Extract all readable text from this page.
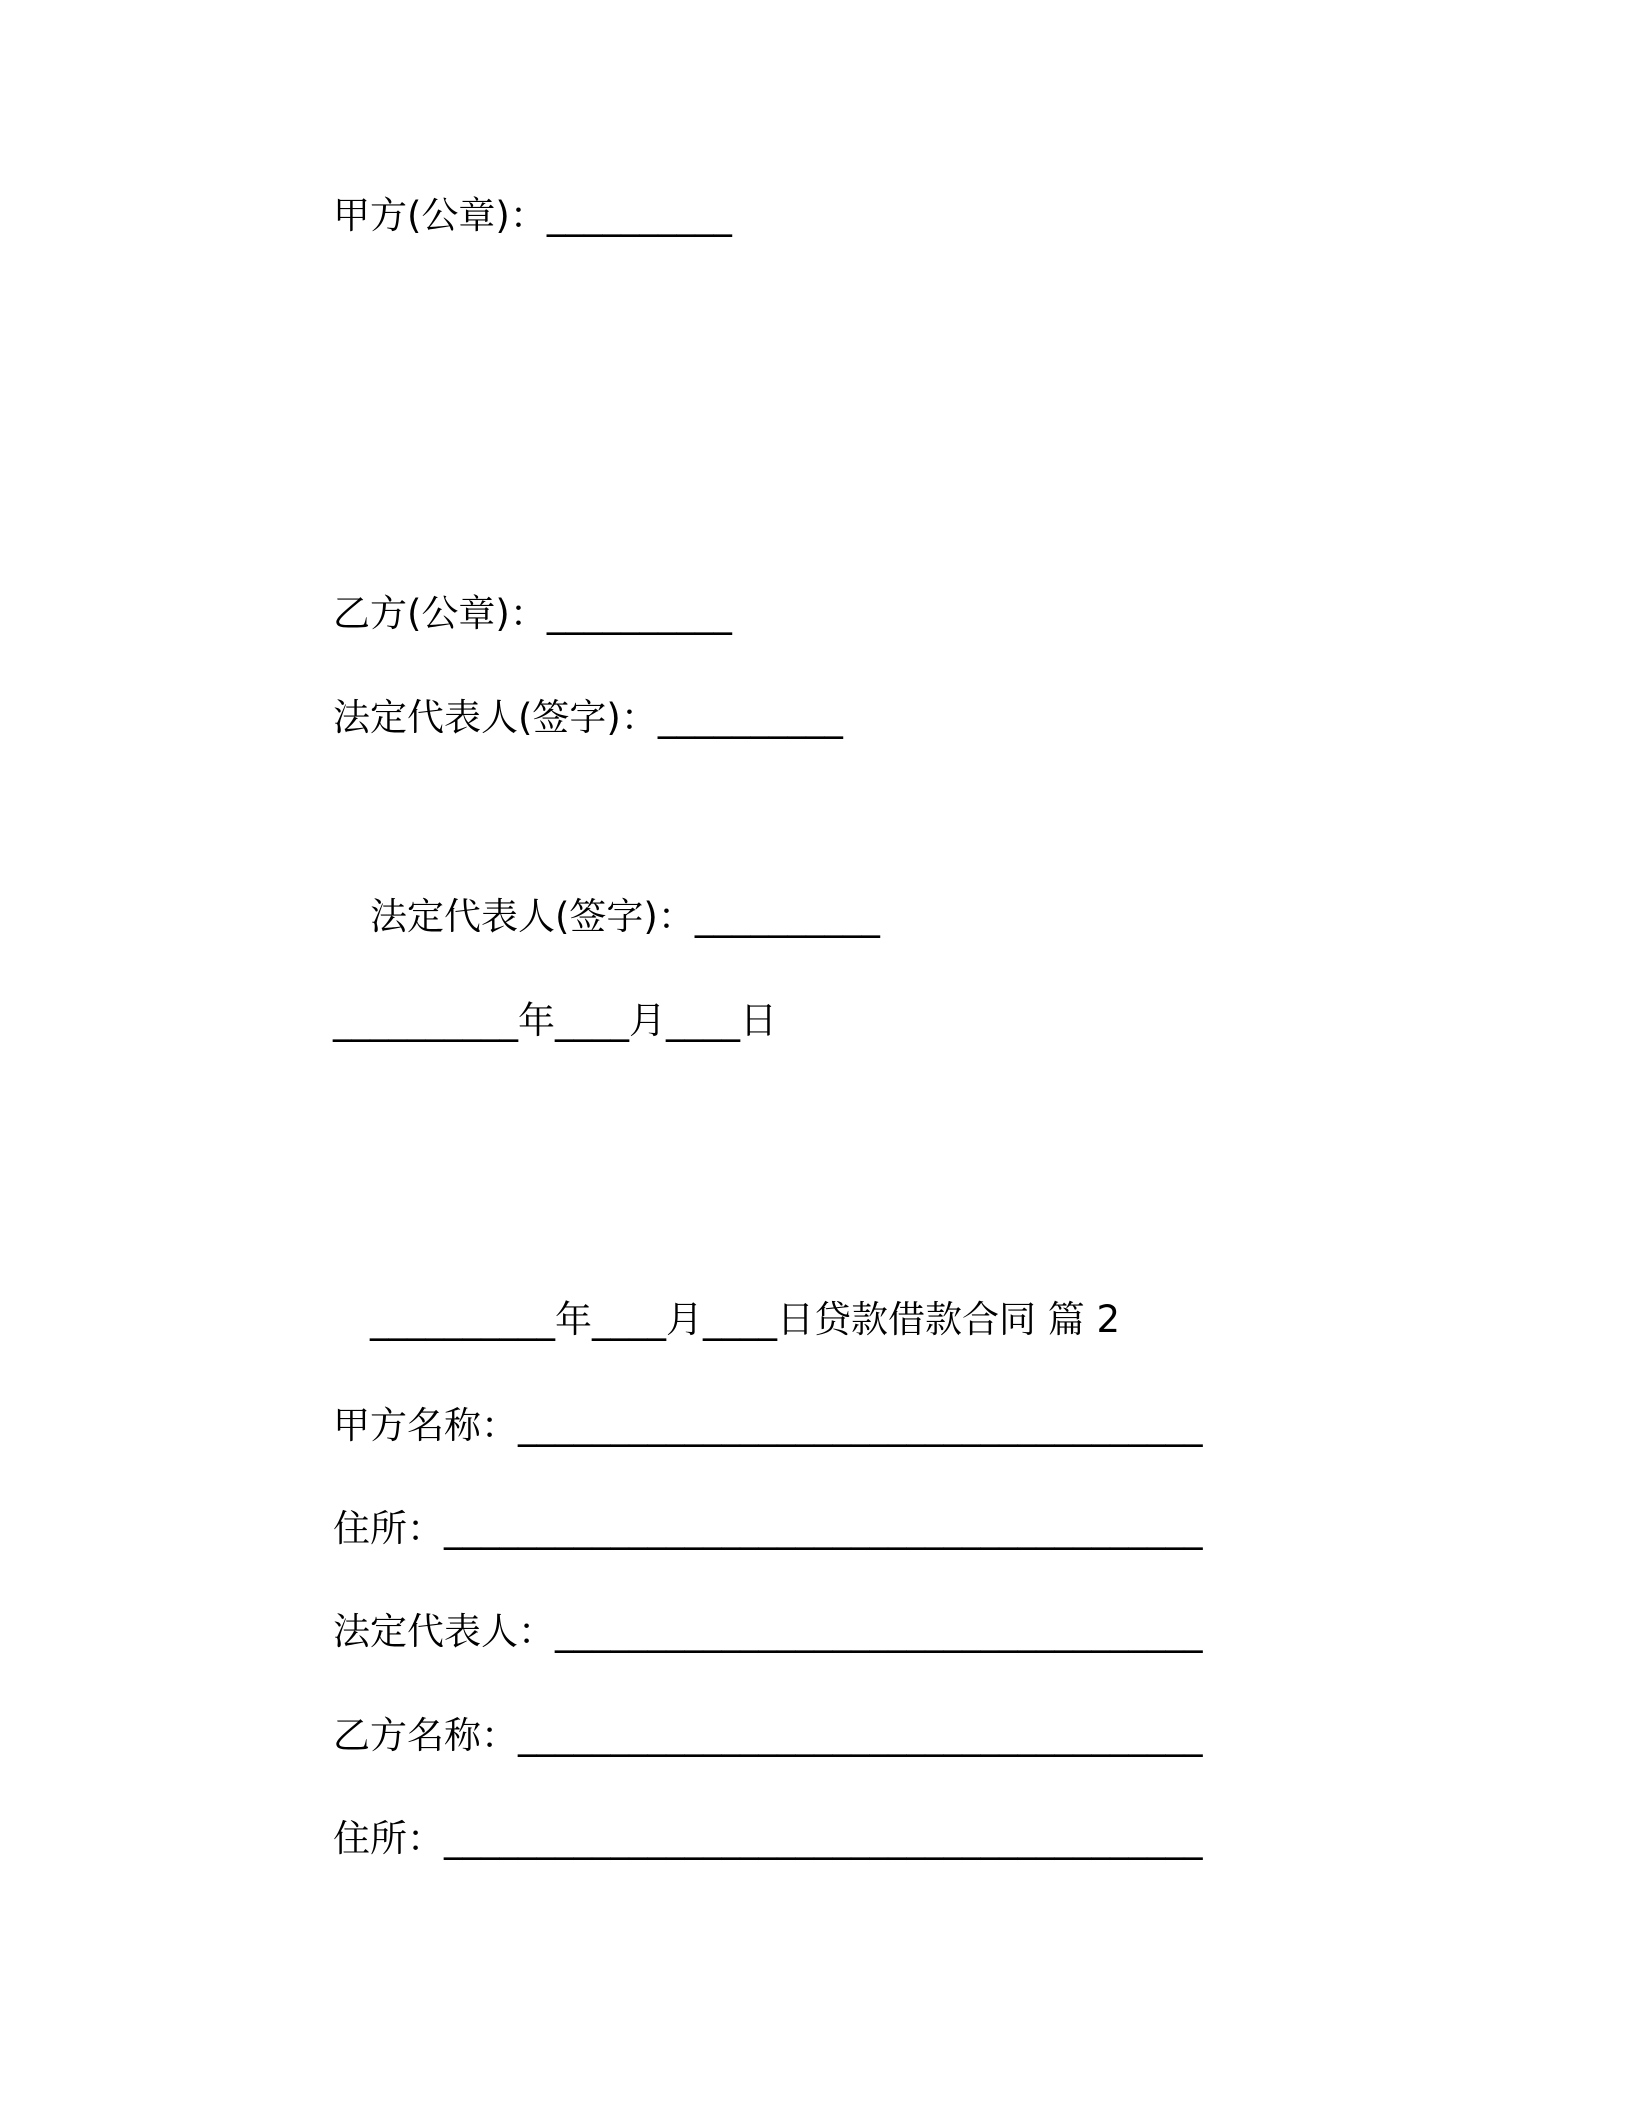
甲方(公章)：__________
乙方(公章)：__________
法定代表人(签字)：__________
法定代表人(签字)：__________
__________年____月____日
__________年____月____日贷款借款合同 篇 2
甲方名称：_____________________________________
住所：_________________________________________
法定代表人：___________________________________
乙方名称：_____________________________________
住所：_________________________________________
